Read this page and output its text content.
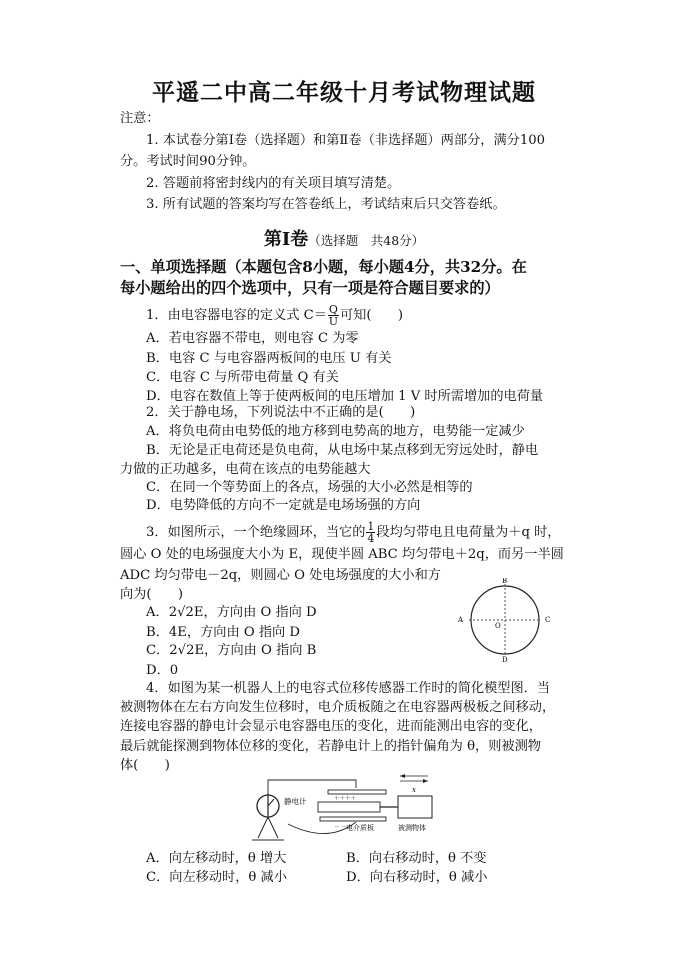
平遥二中高二年级十月考试物理试题
注意：
1. 本试卷分第Ⅰ卷（选择题）和第Ⅱ卷（非选择题）两部分，满分100
分。考试时间90分钟。
2. 答题前将密封线内的有关项目填写清楚。
3. 所有试题的答案均写在答卷纸上，考试结束后只交答卷纸。
第Ⅰ卷（选择题　共48分）
一、单项选择题（本题包含8小题，每小题4分，共32分。在
每小题给出的四个选项中，只有一项是符合题目要求的）
1．由电容器电容的定义式 $C= \frac{Q}{U}$ 可知(　　)
A．若电容器不带电，则电容 C 为零
B．电容 C 与电容器两板间的电压 U 有关
C．电容 C 与所带电荷量 Q 有关
D．电容在数值上等于使两板间的电压增加 1 V 时所需增加的电荷量
2．关于静电场，下列说法中不正确的是(　　)
A．将负电荷由电势低的地方移到电势高的地方，电势能一定减少
B．无论是正电荷还是负电荷，从电场中某点移到无穷远处时，静电
力做的正功越多，电荷在该点的电势能越大
C．在同一个等势面上的各点，场强的大小必然是相等的
D．电势降低的方向不一定就是电场场强的方向
3．如图所示，一个绝缘圆环，当它的 $\frac{1}{4}$ 段均匀带电且电荷量为＋q 时，
圆心 O 处的电场强度大小为 E，现使半圆 ABC 均匀带电＋2q，而另一半圆
ADC 均匀带电－2q，则圆心 O 处电场强度的大小和方
向为(　　)
A．2√2E，方向由 O 指向 D
B．4E，方向由 O 指向 D
C．2√2E，方向由 O 指向 B
D．0
B
D
A	C
O
4．如图为某一机器人上的电容式位移传感器工作时的简化模型图．当
被测物体在左右方向发生位移时，电介质板随之在电容器两极板之间移动，
连接电容器的静电计会显示电容器电压的变化，进而能测出电容的变化，
最后就能探测到物体位移的变化，若静电计上的指针偏角为 θ，则被测物
体(　　)
静电计	＋＋＋＋
－ － 电介质板	被测物体
x
A．向左移动时，θ 增大	B．向右移动时，θ 不变
C．向左移动时，θ 减小	D．向右移动时，θ 减小
